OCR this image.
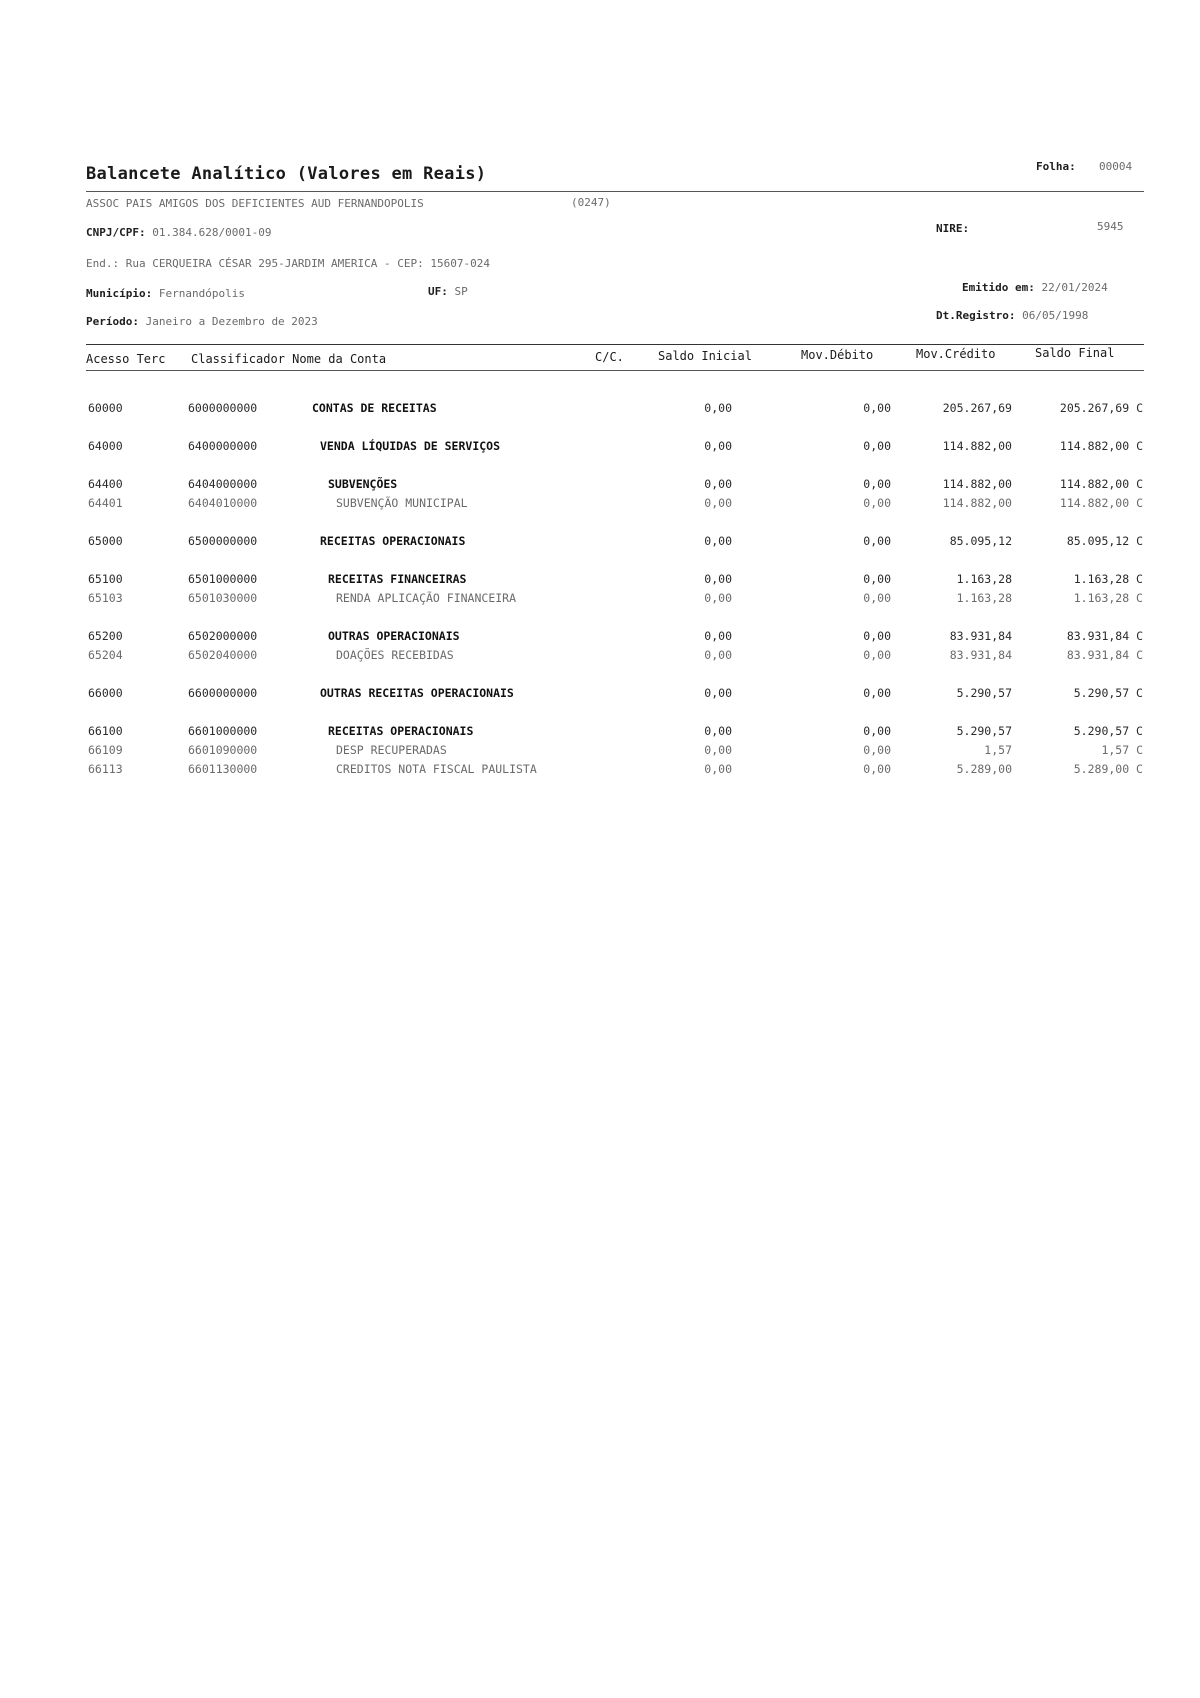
Balancete Analítico (Valores em Reais)	Folha: 00004
ASSOC PAIS AMIGOS DOS DEFICIENTES AUD FERNANDOPOLIS	(0247)
CNPJ/CPF: 01.384.628/0001-09	NIRE:	5945
End.: Rua CERQUEIRA CÉSAR 295-JARDIM AMERICA - CEP: 15607-024
Município: Fernandópolis	UF: SP	Emitido em: 22/01/2024
Período: Janeiro a Dezembro de 2023	Dt.Registro: 06/05/1998
Acesso Terc Classificador Nome da Conta	C/C.	Saldo Inicial	Mov.Débito	Mov.Crédito	Saldo Final
60000	6000000000	CONTAS DE RECEITAS	0,00	0,00	205.267,69	205.267,69 C
64000	6400000000	VENDA LÍQUIDAS DE SERVIÇOS	0,00	0,00	114.882,00	114.882,00 C
64400	6404000000	SUBVENÇÕES	0,00	0,00	114.882,00	114.882,00 C
64401	6404010000	SUBVENÇÃO MUNICIPAL	0,00	0,00	114.882,00	114.882,00 C
65000	6500000000	RECEITAS OPERACIONAIS	0,00	0,00	85.095,12	85.095,12 C
65100	6501000000	RECEITAS FINANCEIRAS	0,00	0,00	1.163,28	1.163,28 C
65103	6501030000	RENDA APLICAÇÃO FINANCEIRA	0,00	0,00	1.163,28	1.163,28 C
65200	6502000000	OUTRAS OPERACIONAIS	0,00	0,00	83.931,84	83.931,84 C
65204	6502040000	DOAÇÕES RECEBIDAS	0,00	0,00	83.931,84	83.931,84 C
66000	6600000000	OUTRAS RECEITAS OPERACIONAIS	0,00	0,00	5.290,57	5.290,57 C
66100	6601000000	RECEITAS OPERACIONAIS	0,00	0,00	5.290,57	5.290,57 C
66109	6601090000	DESP RECUPERADAS	0,00	0,00	1,57	1,57 C
66113	6601130000	CREDITOS NOTA FISCAL PAULISTA	0,00	0,00	5.289,00	5.289,00 C
